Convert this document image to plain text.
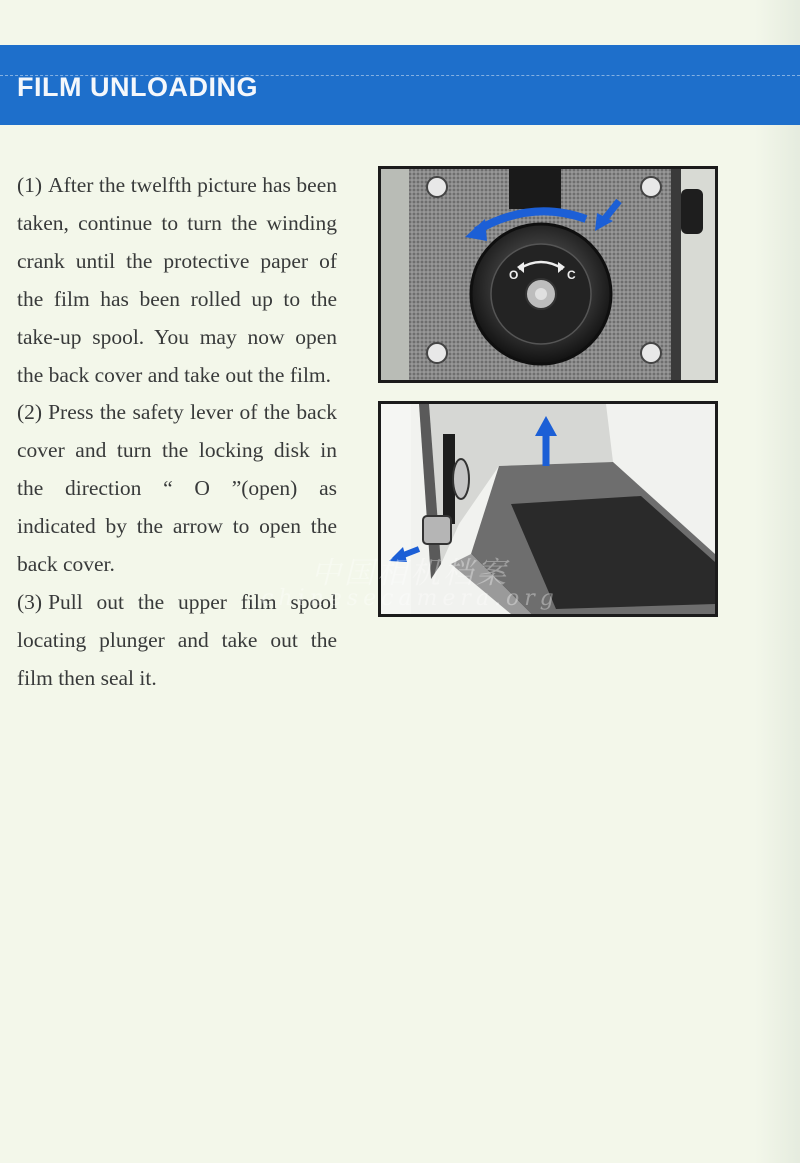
FILM UNLOADING

(1) After the twelfth picture has been taken, continue to turn the winding crank until the protective paper of the film has been rolled up to the take-up spool. You may now open the back cover and take out the film.

(2) Press the safety lever of the back cover and turn the locking disk in the direction “ O ”(open) as indicated by the arrow to open the back cover.

(3) Pull out the upper film spool locating plunger and take out the film then seal it.

O	C
中国相机档案
chinesecamera.org
